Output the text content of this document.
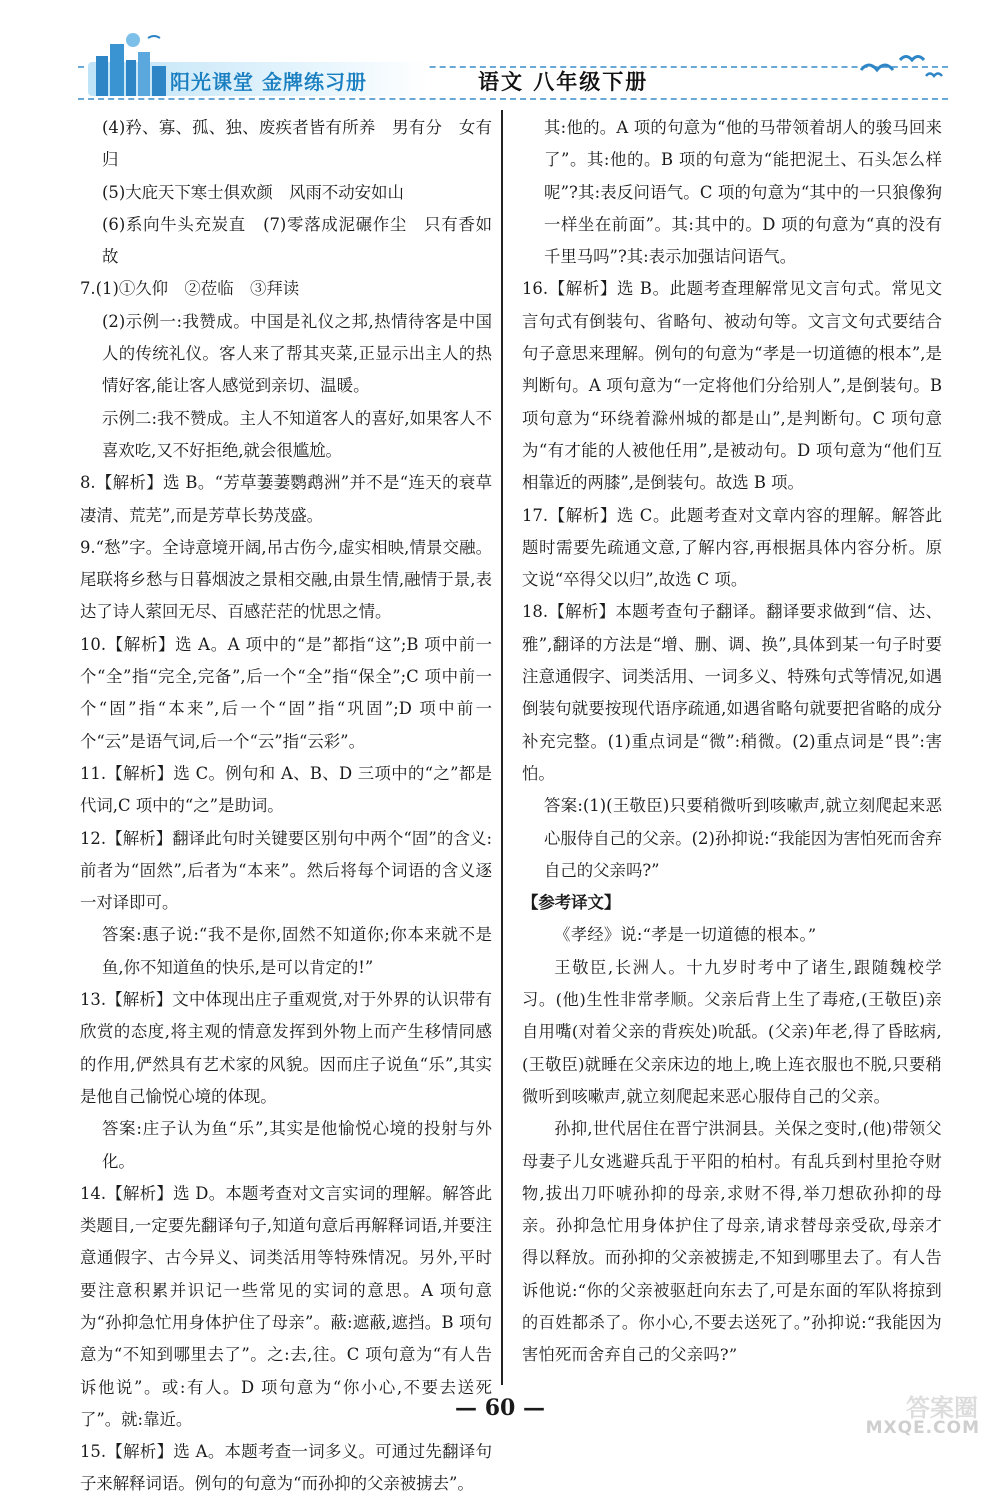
阳光课堂 金牌练习册	语文 八年级下册

(4)矜、寡、孤、独、废疾者皆有所养　男有分　女有归

(5)大庇天下寒士俱欢颜　风雨不动安如山

(6)系向牛头充炭直　(7)零落成泥碾作尘　只有香如故

7.(1)①久仰　②莅临　③拜读

(2)示例一:我赞成。中国是礼仪之邦,热情待客是中国人的传统礼仪。客人来了帮其夹菜,正显示出主人的热情好客,能让客人感觉到亲切、温暖。

示例二:我不赞成。主人不知道客人的喜好,如果客人不喜欢吃,又不好拒绝,就会很尴尬。

8.【解析】选 B。“芳草萋萋鹦鹉洲”并不是“连天的衰草凄清、荒芜”,而是芳草长势茂盛。

9.“愁”字。全诗意境开阔,吊古伤今,虚实相映,情景交融。尾联将乡愁与日暮烟波之景相交融,由景生情,融情于景,表达了诗人萦回无尽、百感茫茫的忧思之情。

10.【解析】选 A。A 项中的“是”都指“这”;B 项中前一个“全”指“完全,完备”,后一个“全”指“保全”;C 项中前一个“固”指“本来”,后一个“固”指“巩固”;D 项中前一个“云”是语气词,后一个“云”指“云彩”。

11.【解析】选 C。例句和 A、B、D 三项中的“之”都是代词,C 项中的“之”是助词。

12.【解析】翻译此句时关键要区别句中两个“固”的含义:前者为“固然”,后者为“本来”。然后将每个词语的含义逐一对译即可。

答案:惠子说:“我不是你,固然不知道你;你本来就不是鱼,你不知道鱼的快乐,是可以肯定的!”

13.【解析】文中体现出庄子重观赏,对于外界的认识带有欣赏的态度,将主观的情意发挥到外物上而产生移情同感的作用,俨然具有艺术家的风貌。因而庄子说鱼“乐”,其实是他自己愉悦心境的体现。

答案:庄子认为鱼“乐”,其实是他愉悦心境的投射与外化。

14.【解析】选 D。本题考查对文言实词的理解。解答此类题目,一定要先翻译句子,知道句意后再解释词语,并要注意通假字、古今异义、词类活用等特殊情况。另外,平时要注意积累并识记一些常见的实词的意思。A 项句意为“孙抑急忙用身体护住了母亲”。蔽:遮蔽,遮挡。B 项句意为“不知到哪里去了”。之:去,往。C 项句意为“有人告诉他说”。或:有人。D 项句意为“你小心,不要去送死了”。就:靠近。

15.【解析】选 A。本题考查一词多义。可通过先翻译句子来解释词语。例句的句意为“而孙抑的父亲被掳去”。

其:他的。A 项的句意为“他的马带领着胡人的骏马回来了”。其:他的。B 项的句意为“能把泥土、石头怎么样呢”?其:表反问语气。C 项的句意为“其中的一只狼像狗一样坐在前面”。其:其中的。D 项的句意为“真的没有千里马吗”?其:表示加强诘问语气。

16.【解析】选 B。此题考查理解常见文言句式。常见文言句式有倒装句、省略句、被动句等。文言文句式要结合句子意思来理解。例句的句意为“孝是一切道德的根本”,是判断句。A 项句意为“一定将他们分给别人”,是倒装句。B 项句意为“环绕着滁州城的都是山”,是判断句。C 项句意为“有才能的人被他任用”,是被动句。D 项句意为“他们互相靠近的两膝”,是倒装句。故选 B 项。

17.【解析】选 C。此题考查对文章内容的理解。解答此题时需要先疏通文意,了解内容,再根据具体内容分析。原文说“卒得父以归”,故选 C 项。

18.【解析】本题考查句子翻译。翻译要求做到“信、达、雅”,翻译的方法是“增、删、调、换”,具体到某一句子时要注意通假字、词类活用、一词多义、特殊句式等情况,如遇倒装句就要按现代语序疏通,如遇省略句就要把省略的成分补充完整。(1)重点词是“微”:稍微。(2)重点词是“畏”:害怕。

答案:(1)(王敬臣)只要稍微听到咳嗽声,就立刻爬起来恶心服侍自己的父亲。(2)孙抑说:“我能因为害怕死而舍弃自己的父亲吗?”

【参考译文】

《孝经》说:“孝是一切道德的根本。”

王敬臣,长洲人。十九岁时考中了诸生,跟随魏校学习。(他)生性非常孝顺。父亲后背上生了毒疮,(王敬臣)亲自用嘴(对着父亲的背疾处)吮舐。(父亲)年老,得了昏眩病,(王敬臣)就睡在父亲床边的地上,晚上连衣服也不脱,只要稍微听到咳嗽声,就立刻爬起来恶心服侍自己的父亲。

孙抑,世代居住在晋宁洪洞县。关保之变时,(他)带领父母妻子儿女逃避兵乱于平阳的柏村。有乱兵到村里抢夺财物,拔出刀吓唬孙抑的母亲,求财不得,举刀想砍孙抑的母亲。孙抑急忙用身体护住了母亲,请求替母亲受砍,母亲才得以释放。而孙抑的父亲被掳走,不知到哪里去了。有人告诉他说:“你的父亲被驱赶向东去了,可是东面的军队将掠到的百姓都杀了。你小心,不要去送死了。”孙抑说:“我能因为害怕死而舍弃自己的父亲吗?”

— 60 —	答案圈
MXQE.COM
